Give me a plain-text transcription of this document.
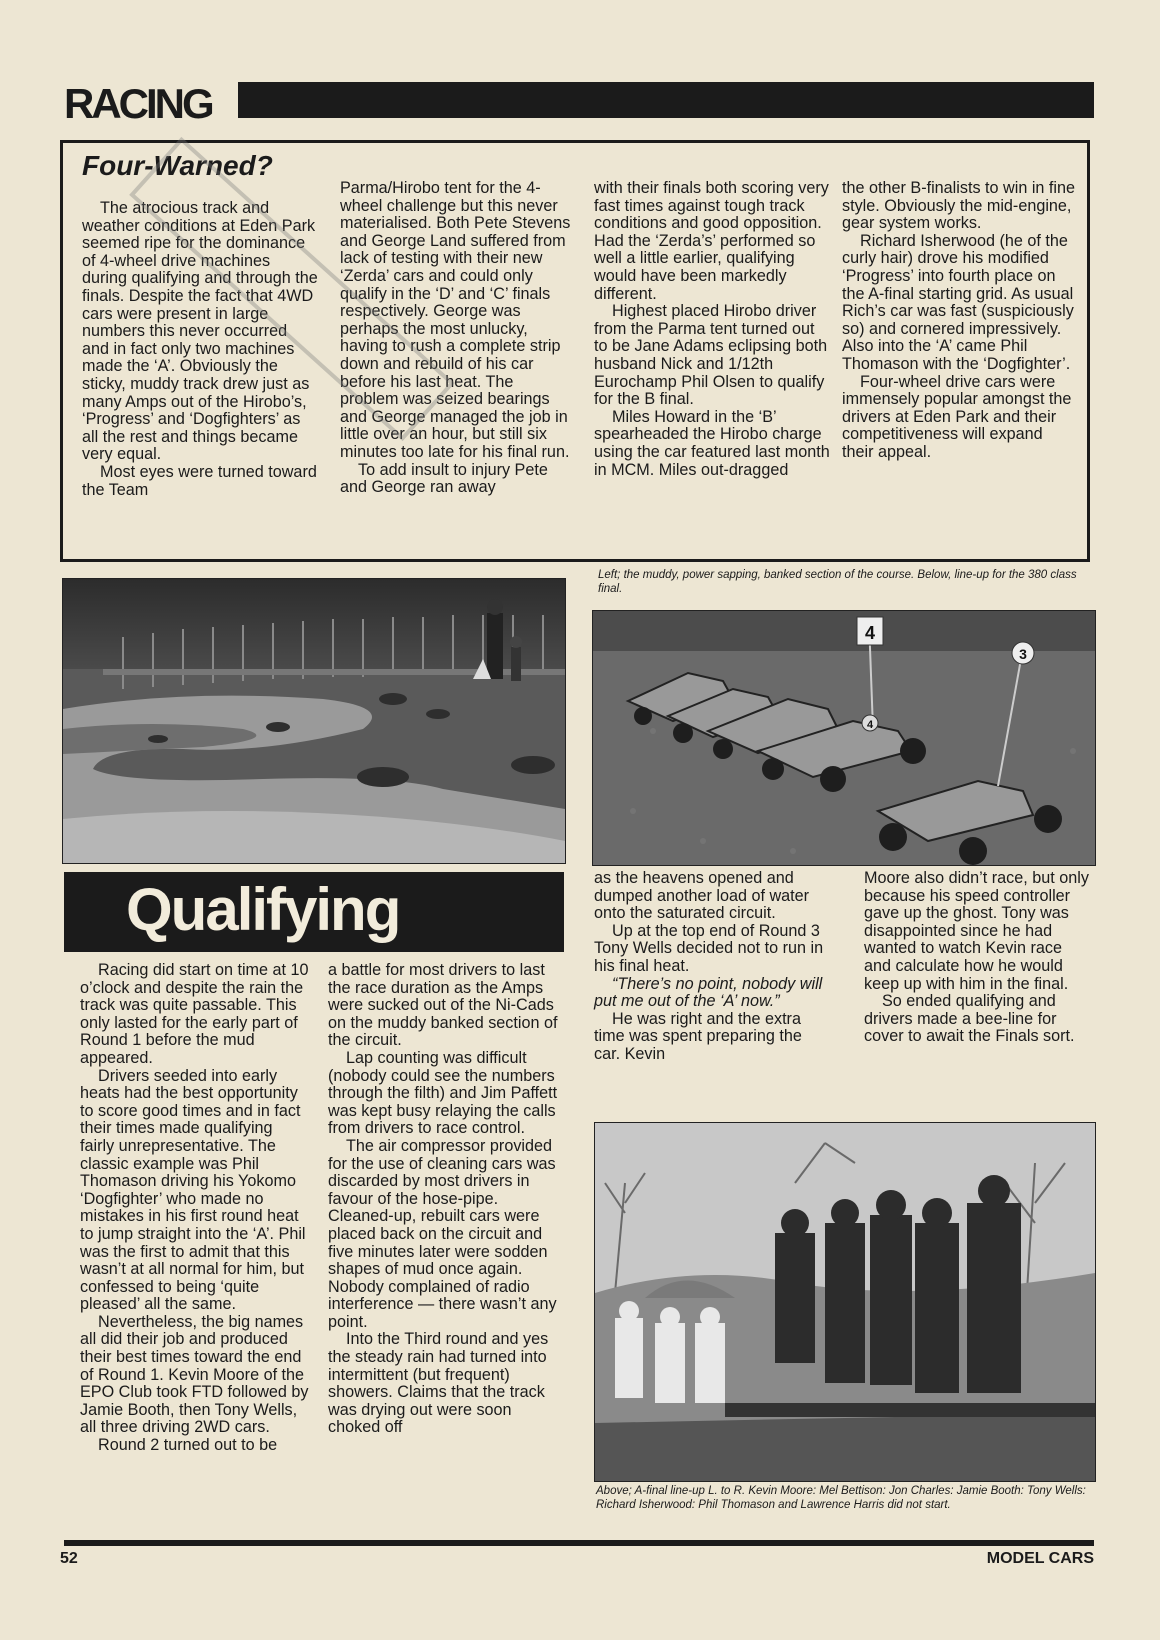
RACING
Four-Warned?

The atrocious track and weather conditions at Eden Park seemed ripe for the dominance of 4-wheel drive machines during qualifying and through the finals. Despite the fact that 4WD cars were present in large numbers this never occurred and in fact only two machines made the ‘A’. Obviously the sticky, muddy track drew just as many Amps out of the Hirobo’s, ‘Progress’ and ‘Dogfighters’ as all the rest and things became very equal.

Most eyes were turned toward the Team

Parma/Hirobo tent for the 4-wheel challenge but this never materialised. Both Pete Stevens and George Land suffered from lack of testing with their new ‘Zerda’ cars and could only qualify in the ‘D’ and ‘C’ finals respectively. George was perhaps the most unlucky, having to rush a complete strip down and rebuild of his car before his last heat. The problem was seized bearings and George managed the job in little over an hour, but still six minutes too late for his final run.

To add insult to injury Pete and George ran away

with their finals both scoring very fast times against tough track conditions and good opposition. Had the ‘Zerda’s’ performed so well a little earlier, qualifying would have been markedly different.

Highest placed Hirobo driver from the Parma tent turned out to be Jane Adams eclipsing both husband Nick and 1/12th Eurochamp Phil Olsen to qualify for the B final.

Miles Howard in the ‘B’ spearheaded the Hirobo charge using the car featured last month in MCM. Miles out-dragged

the other B-finalists to win in fine style. Obviously the mid-engine, gear system works.

Richard Isherwood (he of the curly hair) drove his modified ‘Progress’ into fourth place on the A-final starting grid. As usual Rich’s car was fast (suspiciously so) and cornered impressively. Also into the ‘A’ came Phil Thomason with the ‘Dogfighter’.

Four-wheel drive cars were immensely popular amongst the drivers at Eden Park and their competitiveness will expand their appeal.

Left; the muddy, power sapping, banked section of the course. Below, line-up for the 380 class final.
4
3
4
Qualifying

Racing did start on time at 10 o’clock and despite the rain the track was quite passable. This only lasted for the early part of Round 1 before the mud appeared.

Drivers seeded into early heats had the best opportunity to score good times and in fact their times made qualifying fairly unrepresentative. The classic example was Phil Thomason driving his Yokomo ‘Dogfighter’ who made no mistakes in his first round heat to jump straight into the ‘A’. Phil was the first to admit that this wasn’t at all normal for him, but confessed to being ‘quite pleased’ all the same.

Nevertheless, the big names all did their job and produced their best times toward the end of Round 1. Kevin Moore of the EPO Club took FTD followed by Jamie Booth, then Tony Wells, all three driving 2WD cars.

Round 2 turned out to be

a battle for most drivers to last the race duration as the Amps were sucked out of the Ni-Cads on the muddy banked section of the circuit.

Lap counting was difficult (nobody could see the numbers through the filth) and Jim Paffett was kept busy relaying the calls from drivers to race control.

The air compressor provided for the use of cleaning cars was discarded by most drivers in favour of the hose-pipe. Cleaned-up, rebuilt cars were placed back on the circuit and five minutes later were sodden shapes of mud once again. Nobody complained of radio interference — there wasn’t any point.

Into the Third round and yes the steady rain had turned into intermittent (but frequent) showers. Claims that the track was drying out were soon choked off

as the heavens opened and dumped another load of water onto the saturated circuit.

Up at the top end of Round 3 Tony Wells decided not to run in his final heat.

“There’s no point, nobody will put me out of the ‘A’ now.”

He was right and the extra time was spent preparing the car. Kevin

Moore also didn’t race, but only because his speed controller gave up the ghost. Tony was disappointed since he had wanted to watch Kevin race and calculate how he would keep up with him in the final.

So ended qualifying and drivers made a bee-line for cover to await the Finals sort.

Above; A-final line-up L. to R. Kevin Moore: Mel Bettison: Jon Charles: Jamie Booth: Tony Wells: Richard Isherwood: Phil Thomason and Lawrence Harris did not start.
52	MODEL CARS
